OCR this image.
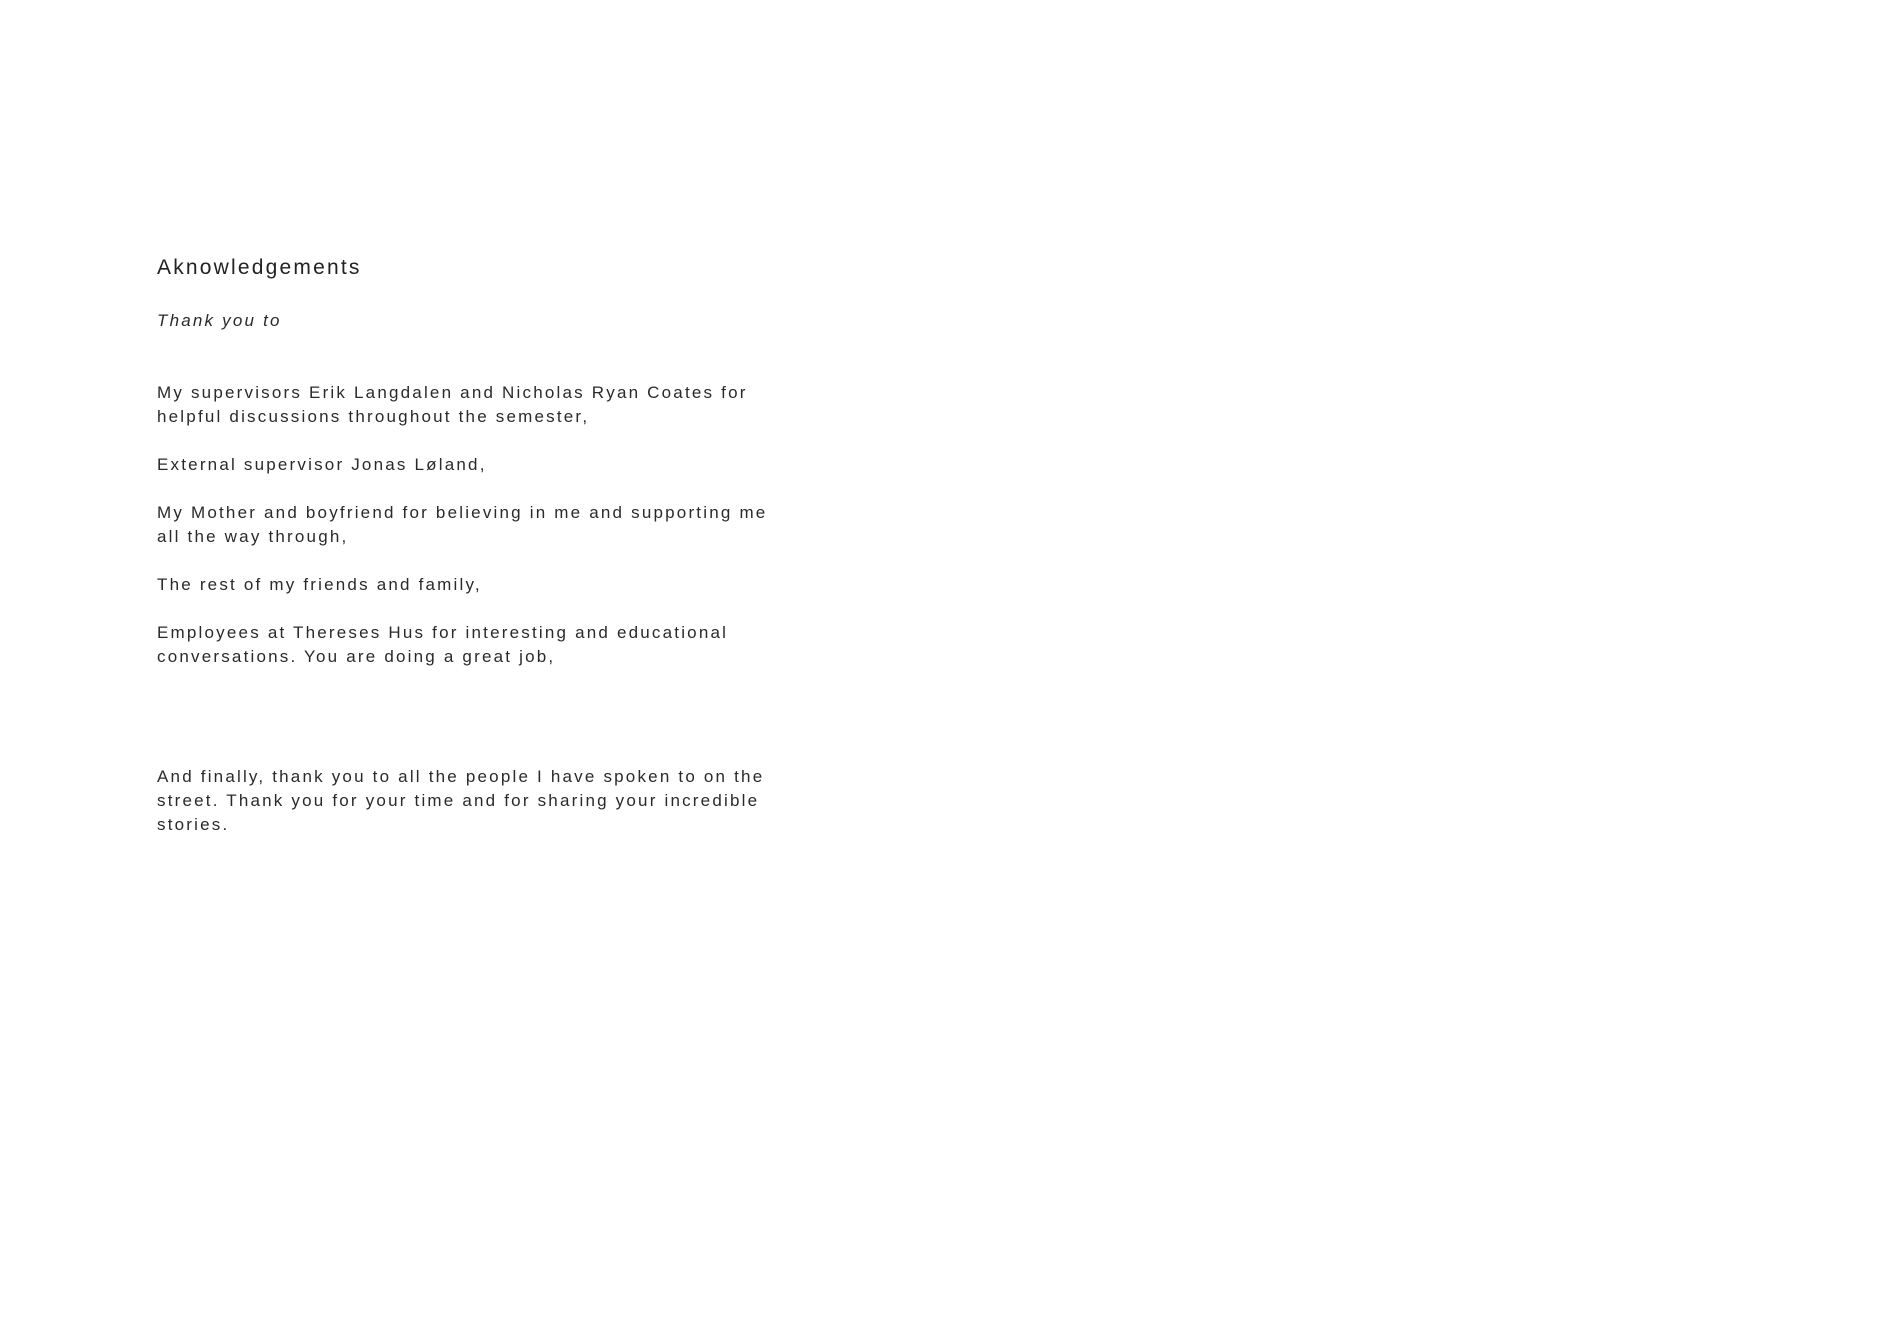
Aknowledgements

Thank you to

My supervisors Erik Langdalen and Nicholas Ryan Coates for
helpful discussions throughout the semester,

External supervisor Jonas Løland,

My Mother and boyfriend for believing in me and supporting me
all the way through,

The rest of my friends and family,

Employees at Thereses Hus for interesting and educational
conversations. You are doing a great job,

And finally, thank you to all the people I have spoken to on the
street. Thank you for your time and for sharing your incredible
stories.
